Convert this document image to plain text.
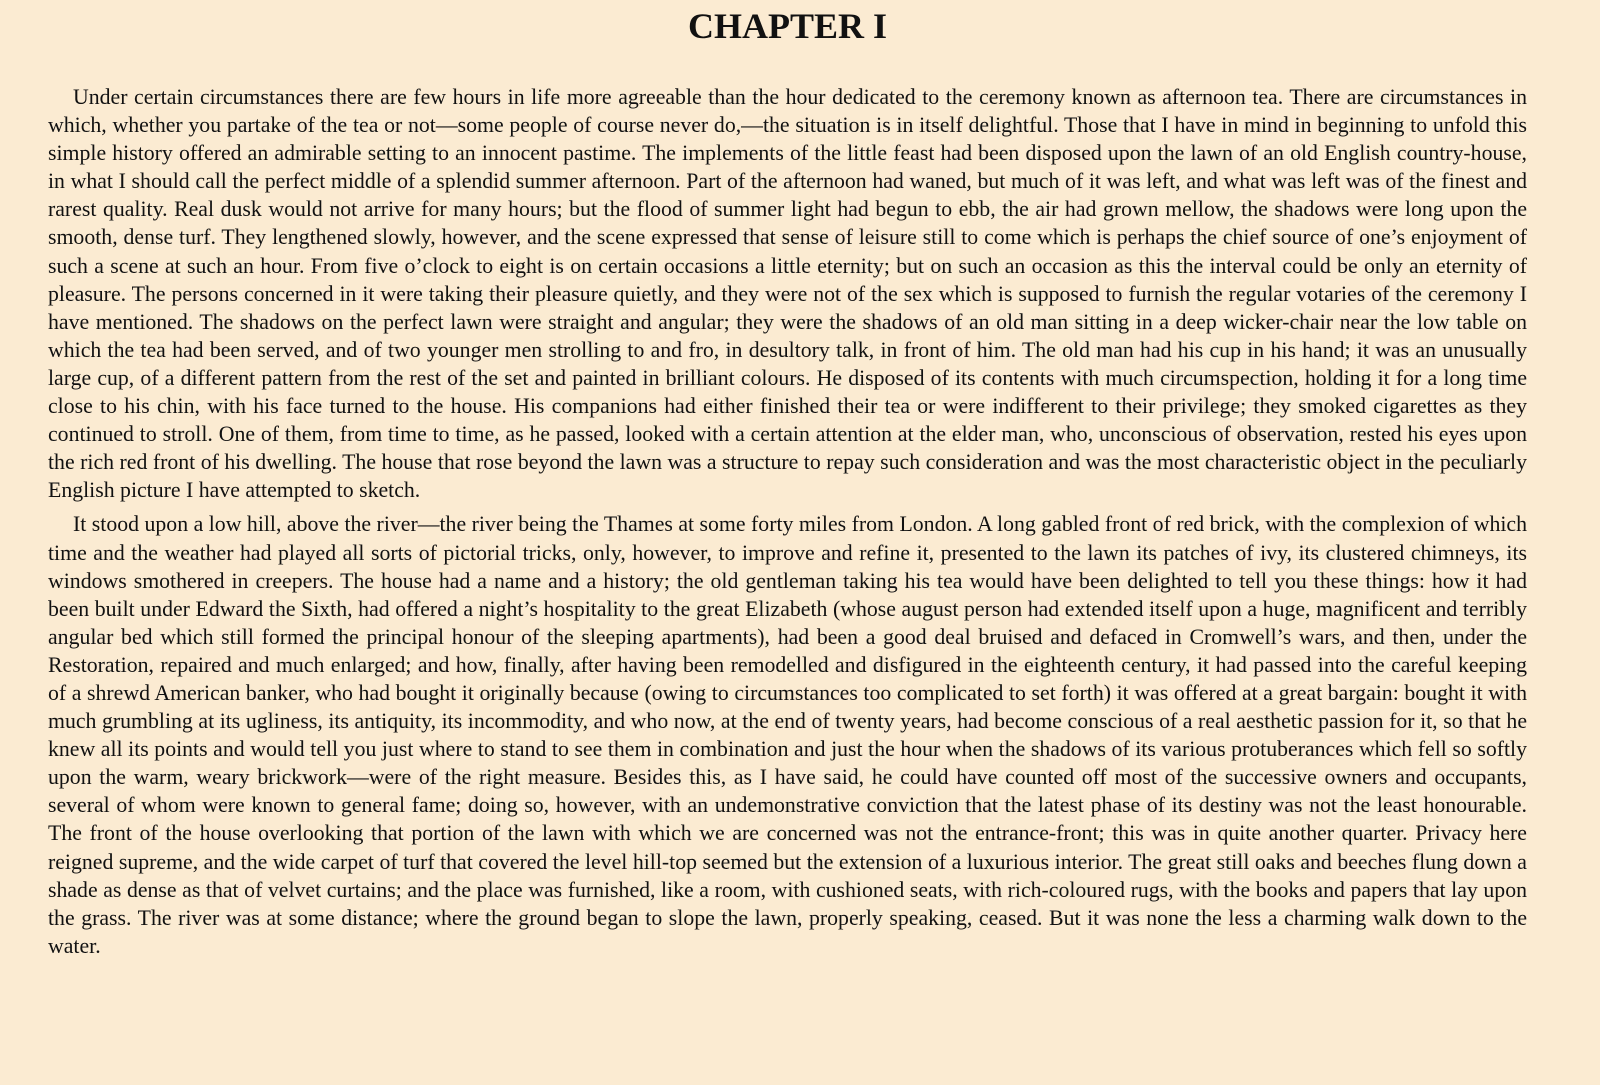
CHAPTER I

Under certain circumstances there are few hours in life more agreeable than the hour dedicated to the ceremony known as afternoon tea. There are circumstances in which, whether you partake of the tea or not—some people of course never do,—the situation is in itself delightful. Those that I have in mind in beginning to unfold this simple history offered an admirable setting to an innocent pastime. The implements of the little feast had been disposed upon the lawn of an old English country-house, in what I should call the perfect middle of a splendid summer afternoon. Part of the afternoon had waned, but much of it was left, and what was left was of the finest and rarest quality. Real dusk would not arrive for many hours; but the flood of summer light had begun to ebb, the air had grown mellow, the shadows were long upon the smooth, dense turf. They lengthened slowly, however, and the scene expressed that sense of leisure still to come which is perhaps the chief source of one’s enjoyment of such a scene at such an hour. From five o’clock to eight is on certain occasions a little eternity; but on such an occasion as this the interval could be only an eternity of pleasure. The persons concerned in it were taking their pleasure quietly, and they were not of the sex which is supposed to furnish the regular votaries of the ceremony I have mentioned. The shadows on the perfect lawn were straight and angular; they were the shadows of an old man sitting in a deep wicker-chair near the low table on which the tea had been served, and of two younger men strolling to and fro, in desultory talk, in front of him. The old man had his cup in his hand; it was an unusually large cup, of a different pattern from the rest of the set and painted in brilliant colours. He disposed of its contents with much circumspection, holding it for a long time close to his chin, with his face turned to the house. His companions had either finished their tea or were indifferent to their privilege; they smoked cigarettes as they continued to stroll. One of them, from time to time, as he passed, looked with a certain attention at the elder man, who, unconscious of observation, rested his eyes upon the rich red front of his dwelling. The house that rose beyond the lawn was a structure to repay such consideration and was the most characteristic object in the peculiarly English picture I have attempted to sketch.

It stood upon a low hill, above the river—the river being the Thames at some forty miles from London. A long gabled front of red brick, with the complexion of which time and the weather had played all sorts of pictorial tricks, only, however, to improve and refine it, presented to the lawn its patches of ivy, its clustered chimneys, its windows smothered in creepers. The house had a name and a history; the old gentleman taking his tea would have been delighted to tell you these things: how it had been built under Edward the Sixth, had offered a night’s hospitality to the great Elizabeth (whose august person had extended itself upon a huge, magnificent and terribly angular bed which still formed the principal honour of the sleeping apartments), had been a good deal bruised and defaced in Cromwell’s wars, and then, under the Restoration, repaired and much enlarged; and how, finally, after having been remodelled and disfigured in the eighteenth century, it had passed into the careful keeping of a shrewd American banker, who had bought it originally because (owing to circumstances too complicated to set forth) it was offered at a great bargain: bought it with much grumbling at its ugliness, its antiquity, its incommodity, and who now, at the end of twenty years, had become conscious of a real aesthetic passion for it, so that he knew all its points and would tell you just where to stand to see them in combination and just the hour when the shadows of its various protuberances which fell so softly upon the warm, weary brickwork—were of the right measure. Besides this, as I have said, he could have counted off most of the successive owners and occupants, several of whom were known to general fame; doing so, however, with an undemonstrative conviction that the latest phase of its destiny was not the least honourable. The front of the house overlooking that portion of the lawn with which we are concerned was not the entrance-front; this was in quite another quarter. Privacy here reigned supreme, and the wide carpet of turf that covered the level hill-top seemed but the extension of a luxurious interior. The great still oaks and beeches flung down a shade as dense as that of velvet curtains; and the place was furnished, like a room, with cushioned seats, with rich-coloured rugs, with the books and papers that lay upon the grass. The river was at some distance; where the ground began to slope the lawn, properly speaking, ceased. But it was none the less a charming walk down to the water.
